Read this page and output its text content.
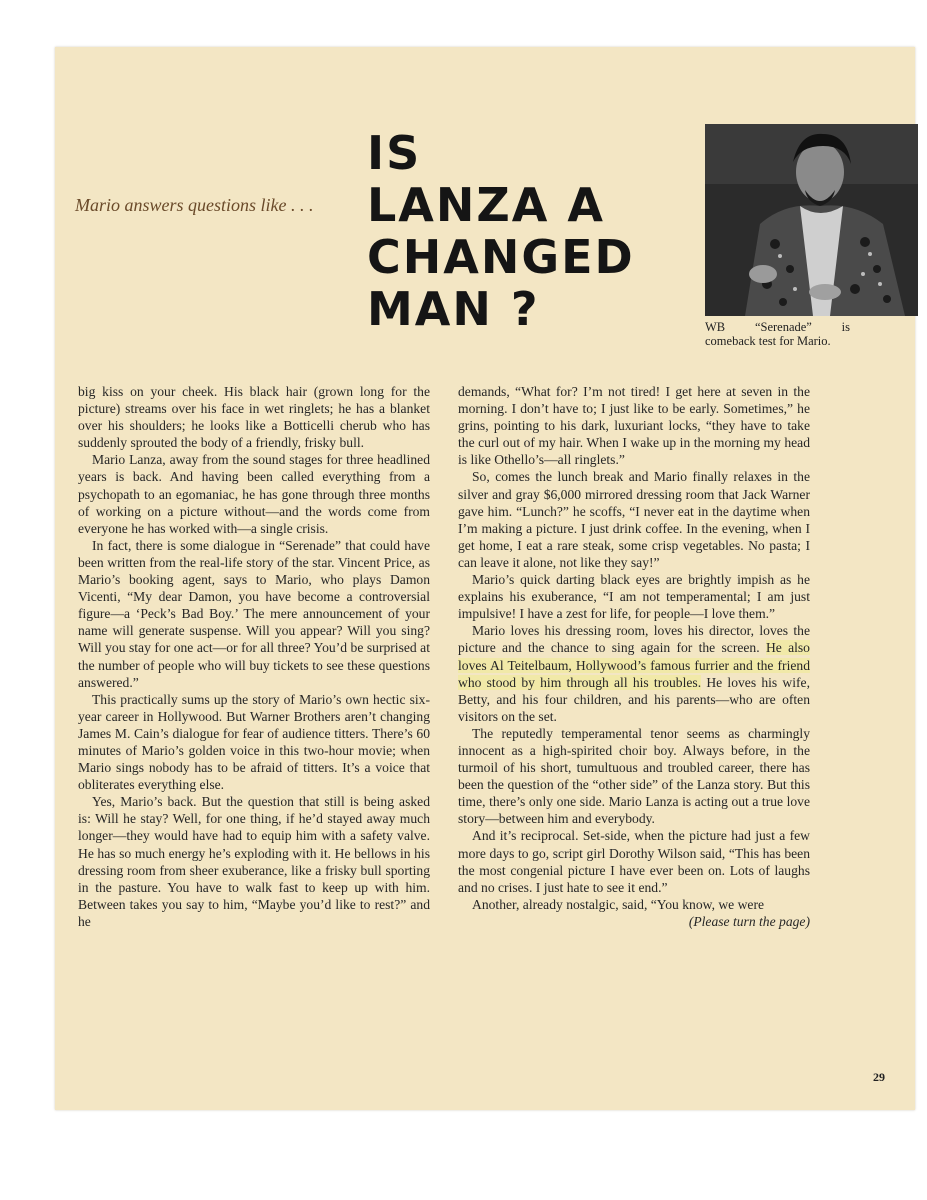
Mario answers questions like . . .
IS
LANZA A
CHANGED
MAN ?	WB “Serenade” is comeback test for Mario.

big kiss on your cheek. His black hair (grown long for the picture) streams over his face in wet ringlets; he has a blanket over his shoulders; he looks like a Botticelli cherub who has suddenly sprouted the body of a friendly, frisky bull.

Mario Lanza, away from the sound stages for three headlined years is back. And having been called everything from a psychopath to an egomaniac, he has gone through three months of working on a picture without—and the words come from everyone he has worked with—a single crisis.

In fact, there is some dialogue in “Serenade” that could have been written from the real-life story of the star. Vincent Price, as Mario’s booking agent, says to Mario, who plays Damon Vicenti, “My dear Damon, you have become a controversial figure—a ‘Peck’s Bad Boy.’ The mere announcement of your name will generate suspense. Will you appear? Will you sing? Will you stay for one act—or for all three? You’d be surprised at the number of people who will buy tickets to see these questions answered.”

This practically sums up the story of Mario’s own hectic six-year career in Hollywood. But Warner Brothers aren’t changing James M. Cain’s dialogue for fear of audience titters. There’s 60 minutes of Mario’s golden voice in this two-hour movie; when Mario sings nobody has to be afraid of titters. It’s a voice that obliterates everything else.

Yes, Mario’s back. But the question that still is being asked is: Will he stay? Well, for one thing, if he’d stayed away much longer—they would have had to equip him with a safety valve. He has so much energy he’s exploding with it. He bellows in his dressing room from sheer exuberance, like a frisky bull sporting in the pasture. You have to walk fast to keep up with him. Between takes you say to him, “Maybe you’d like to rest?” and he

demands, “What for? I’m not tired! I get here at seven in the morning. I don’t have to; I just like to be early. Sometimes,” he grins, pointing to his dark, luxuriant locks, “they have to take the curl out of my hair. When I wake up in the morning my head is like Othello’s—all ringlets.”

So, comes the lunch break and Mario finally relaxes in the silver and gray $6,000 mirrored dressing room that Jack Warner gave him. “Lunch?” he scoffs, “I never eat in the daytime when I’m making a picture. I just drink coffee. In the evening, when I get home, I eat a rare steak, some crisp vegetables. No pasta; I can leave it alone, not like they say!”

Mario’s quick darting black eyes are brightly impish as he explains his exuberance, “I am not temperamental; I am just impulsive! I have a zest for life, for people—I love them.”

Mario loves his dressing room, loves his director, loves the picture and the chance to sing again for the screen. He also loves Al Teitelbaum, Hollywood’s famous furrier and the friend who stood by him through all his troubles. He loves his wife, Betty, and his four children, and his parents—who are often visitors on the set.

The reputedly temperamental tenor seems as charmingly innocent as a high-spirited choir boy. Always before, in the turmoil of his short, tumultuous and troubled career, there has been the question of the “other side” of the Lanza story. But this time, there’s only one side. Mario Lanza is acting out a true love story—between him and everybody.

And it’s reciprocal. Set-side, when the picture had just a few more days to go, script girl Dorothy Wilson said, “This has been the most congenial picture I have ever been on. Lots of laughs and no crises. I just hate to see it end.”

Another, already nostalgic, said, “You know, we were

(Please turn the page)

29
